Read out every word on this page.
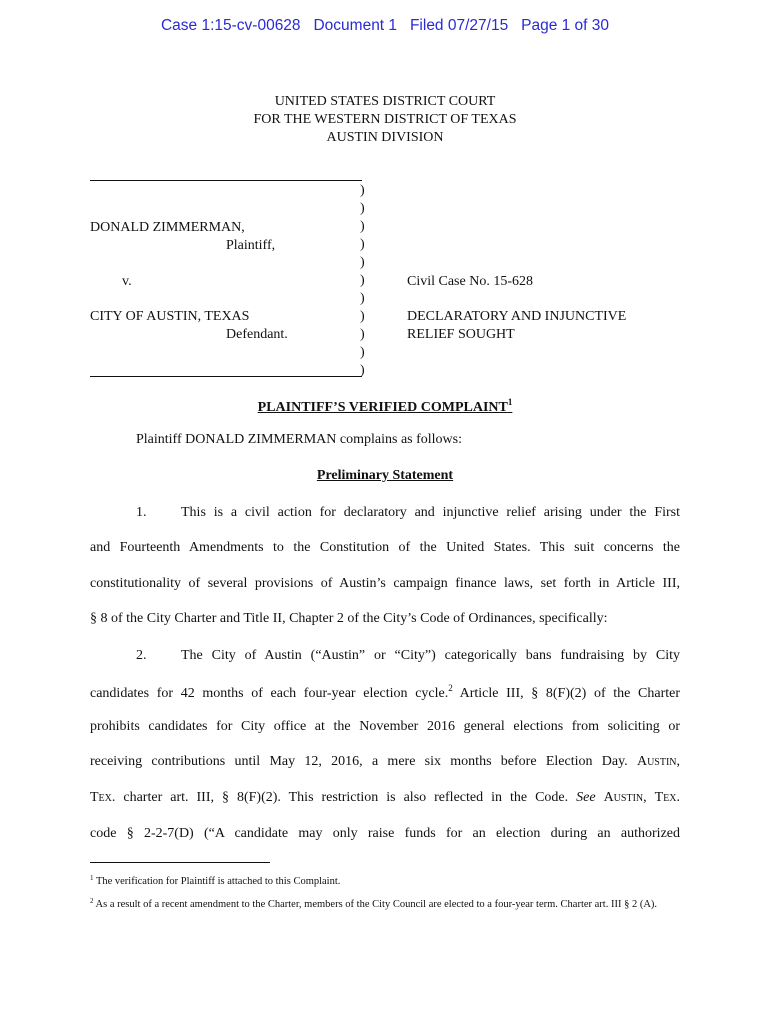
Case 1:15-cv-00628   Document 1   Filed 07/27/15   Page 1 of 30
UNITED STATES DISTRICT COURT
FOR THE WESTERN DISTRICT OF TEXAS
AUSTIN DIVISION
)
)
)
)
)
)
)
)
)
)
)
DONALD ZIMMERMAN,
Plaintiff,
v.
CITY OF AUSTIN, TEXAS
Defendant.
Civil Case No. 15-628
DECLARATORY AND INJUNCTIVE
RELIEF SOUGHT
PLAINTIFF’S VERIFIED COMPLAINT$^1$
Plaintiff DONALD ZIMMERMAN complains as follows:
Preliminary Statement
1. This is a civil action for declaratory and injunctive relief arising under the First
and Fourteenth Amendments to the Constitution of the United States. This suit concerns the
constitutionality of several provisions of Austin’s campaign finance laws, set forth in Article III,
§ 8 of the City Charter and Title II, Chapter 2 of the City’s Code of Ordinances, specifically:
2. The City of Austin (“Austin” or “City”) categorically bans fundraising by City
candidates for 42 months of each four-year election cycle.$^2$ Article III, § 8(F)(2) of the Charter
prohibits candidates for City office at the November 2016 general elections from soliciting or
receiving contributions until May 12, 2016, a mere six months before Election Day. Austin,
Tex. charter art. III, § 8(F)(2). This restriction is also reflected in the Code. See Austin, Tex.
code § 2-2-7(D) (“A candidate may only raise funds for an election during an authorized
$^1$ The verification for Plaintiff is attached to this Complaint.
$^2$ As a result of a recent amendment to the Charter, members of the City Council are elected to a four-year term. Charter art. III § 2 (A).
